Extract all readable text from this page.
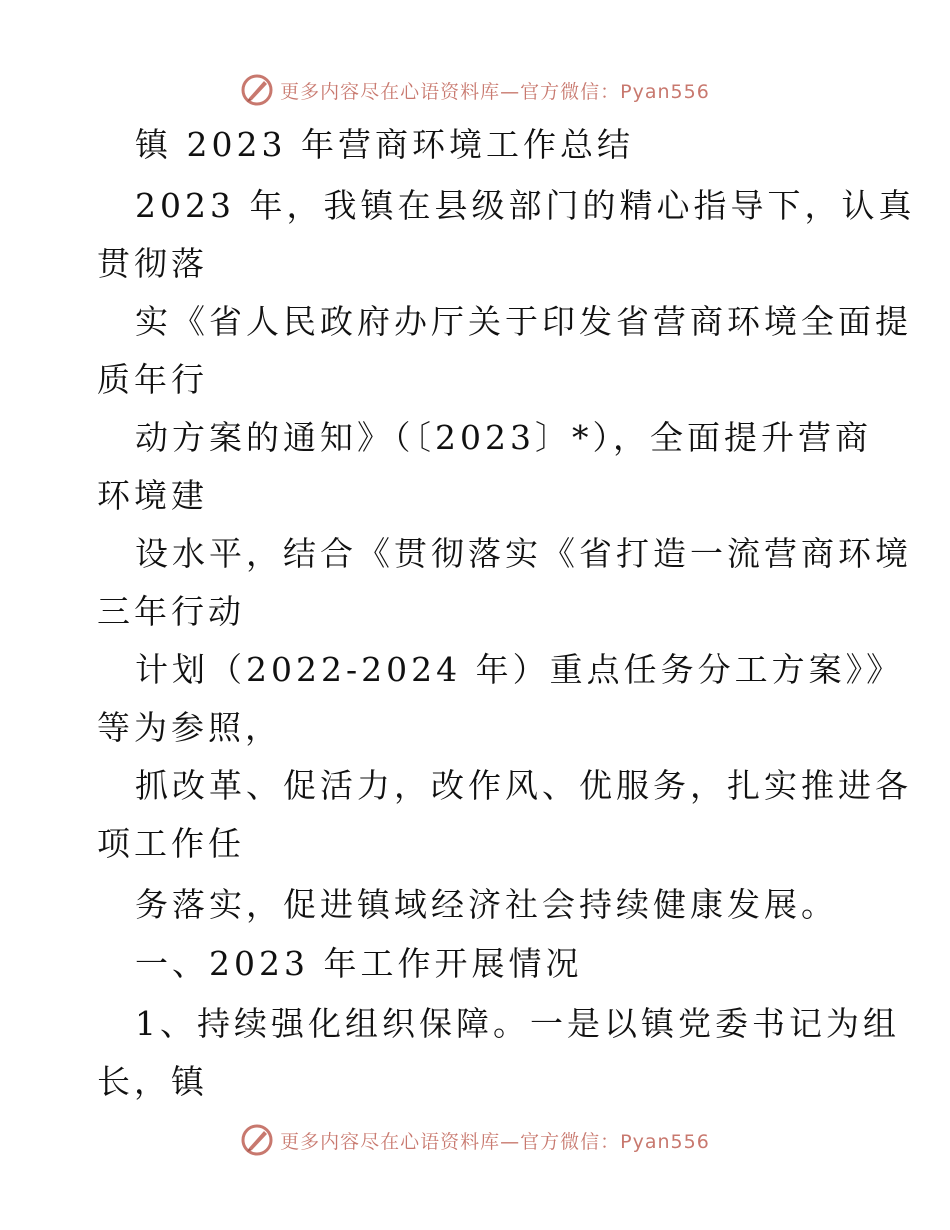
更多内容尽在心语资料库—官方微信：Pyan556
镇 2023 年营商环境工作总结
2023 年，我镇在县级部门的精心指导下，认真
贯彻落
实《省人民政府办厅关于印发省营商环境全面提
质年行
动方案的通知》（〔2023〕*），全面提升营商
环境建
设水平，结合《贯彻落实《省打造一流营商环境
三年行动
计划（2022-2024 年）重点任务分工方案》》
等为参照，
抓改革、促活力，改作风、优服务，扎实推进各
项工作任
务落实，促进镇域经济社会持续健康发展。
一、2023 年工作开展情况
1、持续强化组织保障。一是以镇党委书记为组
长，镇
更多内容尽在心语资料库—官方微信：Pyan556
